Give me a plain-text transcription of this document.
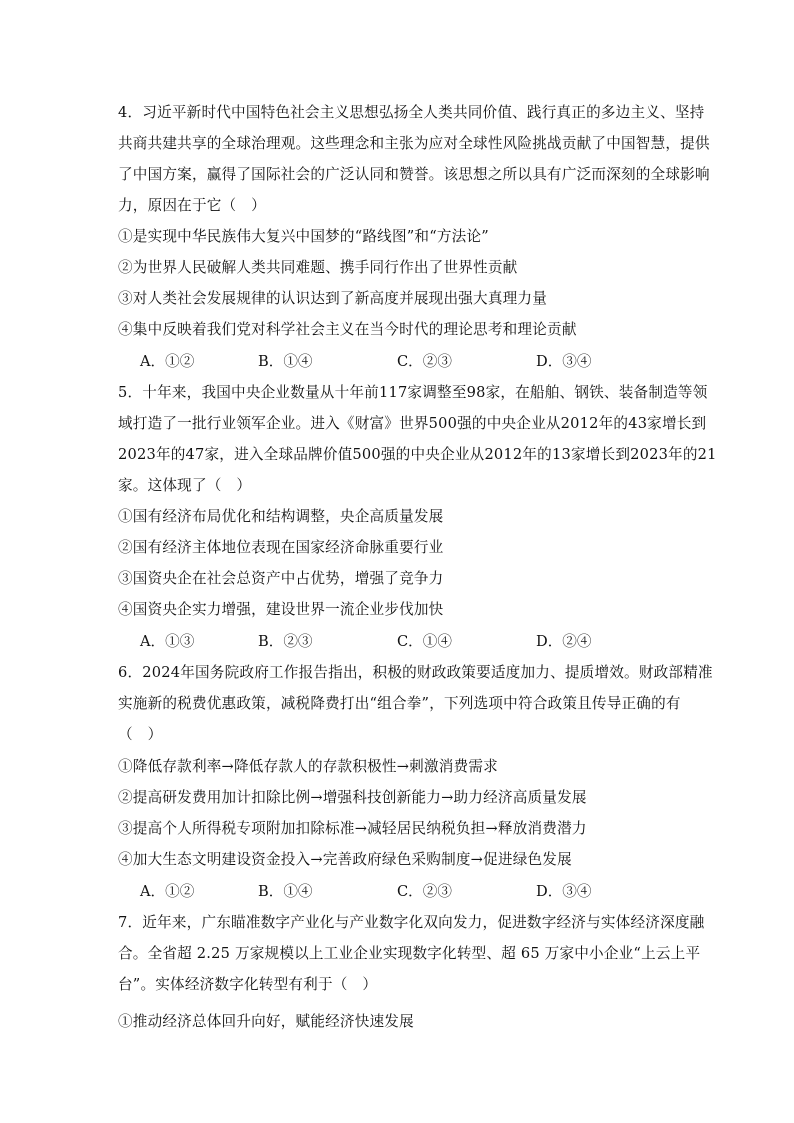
4．习近平新时代中国特色社会主义思想弘扬全人类共同价值、践行真正的多边主义、坚持
共商共建共享的全球治理观。这些理念和主张为应对全球性风险挑战贡献了中国智慧，提供
了中国方案，赢得了国际社会的广泛认同和赞誉。该思想之所以具有广泛而深刻的全球影响
力，原因在于它（　）
①是实现中华民族伟大复兴中国梦的“路线图”和“方法论”
②为世界人民破解人类共同难题、携手同行作出了世界性贡献
③对人类社会发展规律的认识达到了新高度并展现出强大真理力量
④集中反映着我们党对科学社会主义在当今时代的理论思考和理论贡献
A．①②	B．①④	C．②③	D．③④
5．十年来，我国中央企业数量从十年前117家调整至98家，在船舶、钢铁、装备制造等领
域打造了一批行业领军企业。进入《财富》世界500强的中央企业从2012年的43家增长到
2023年的47家，进入全球品牌价值500强的中央企业从2012年的13家增长到2023年的21
家。这体现了（　）
①国有经济布局优化和结构调整，央企高质量发展
②国有经济主体地位表现在国家经济命脉重要行业
③国资央企在社会总资产中占优势，增强了竞争力
④国资央企实力增强，建设世界一流企业步伐加快
A．①③	B．②③	C．①④	D．②④
6．2024年国务院政府工作报告指出，积极的财政政策要适度加力、提质增效。财政部精准
实施新的税费优惠政策，减税降费打出“组合拳”，下列选项中符合政策且传导正确的有
（　）
①降低存款利率→降低存款人的存款积极性→刺激消费需求
②提高研发费用加计扣除比例→增强科技创新能力→助力经济高质量发展
③提高个人所得税专项附加扣除标准→减轻居民纳税负担→释放消费潜力
④加大生态文明建设资金投入→完善政府绿色采购制度→促进绿色发展
A．①②	B．①④	C．②③	D．③④
7．近年来，广东瞄准数字产业化与产业数字化双向发力，促进数字经济与实体经济深度融
合。全省超 2.25 万家规模以上工业企业实现数字化转型、超 65 万家中小企业“上云上平
台”。实体经济数字化转型有利于（　）
①推动经济总体回升向好，赋能经济快速发展
